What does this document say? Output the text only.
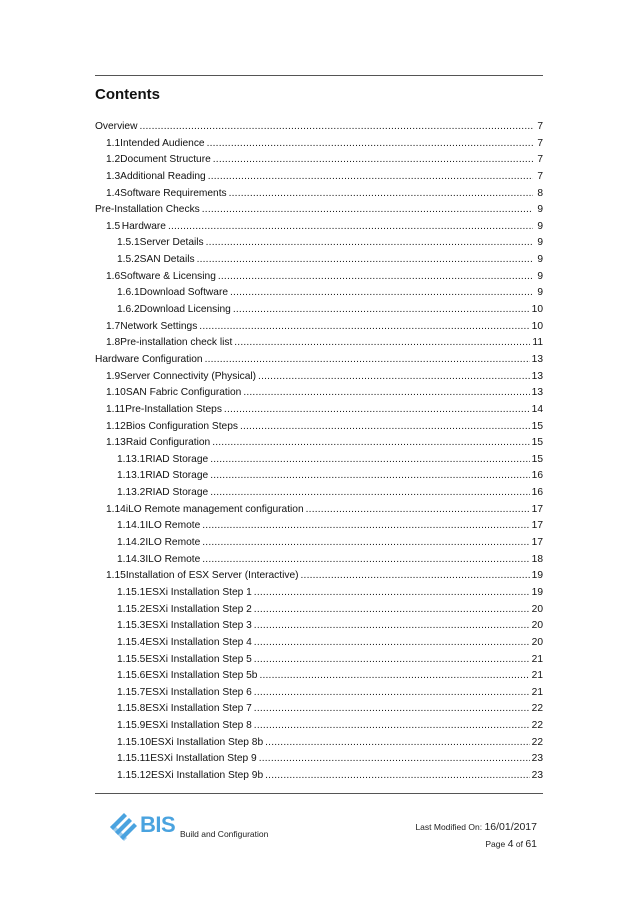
Contents
Overview .....	7
1.1 Intended Audience .....	7
1.2 Document Structure .....	7
1.3 Additional Reading .....	7
1.4 Software Requirements .....	8
Pre-Installation Checks .....	9
1.5 Hardware .....	9
1.5.1 Server Details .....	9
1.5.2 SAN Details .....	9
1.6 Software & Licensing .....	9
1.6.1 Download Software .....	9
1.6.2 Download Licensing .....	10
1.7 Network Settings .....	10
1.8 Pre-installation check list .....	11
Hardware Configuration .....	13
1.9 Server Connectivity (Physical) .....	13
1.10 SAN Fabric Configuration .....	13
1.11 Pre-Installation Steps .....	14
1.12 Bios Configuration Steps .....	15
1.13 Raid Configuration .....	15
1.13.1 RIAD Storage .....	15
1.13.1 RIAD Storage .....	16
1.13.2 RIAD Storage .....	16
1.14 iLO Remote management configuration .....	17
1.14.1 ILO Remote .....	17
1.14.2 ILO Remote .....	17
1.14.3 ILO Remote .....	18
1.15 Installation of ESX Server (Interactive) .....	19
1.15.1 ESXi Installation Step 1 .....	19
1.15.2 ESXi Installation Step 2 .....	20
1.15.3 ESXi Installation Step 3 .....	20
1.15.4 ESXi Installation Step 4 .....	20
1.15.5 ESXi Installation Step 5 .....	21
1.15.6 ESXi Installation Step 5b .....	21
1.15.7 ESXi Installation Step 6 .....	21
1.15.8 ESXi Installation Step 7 .....	22
1.15.9 ESXi Installation Step 8 .....	22
1.15.10 ESXi Installation Step 8b .....	22
1.15.11 ESXi Installation Step 9 .....	23
1.15.12 ESXi Installation Step 9b .....	23
BIS Build and Configuration
Last Modified On: 16/01/2017
Page 4 of 61
